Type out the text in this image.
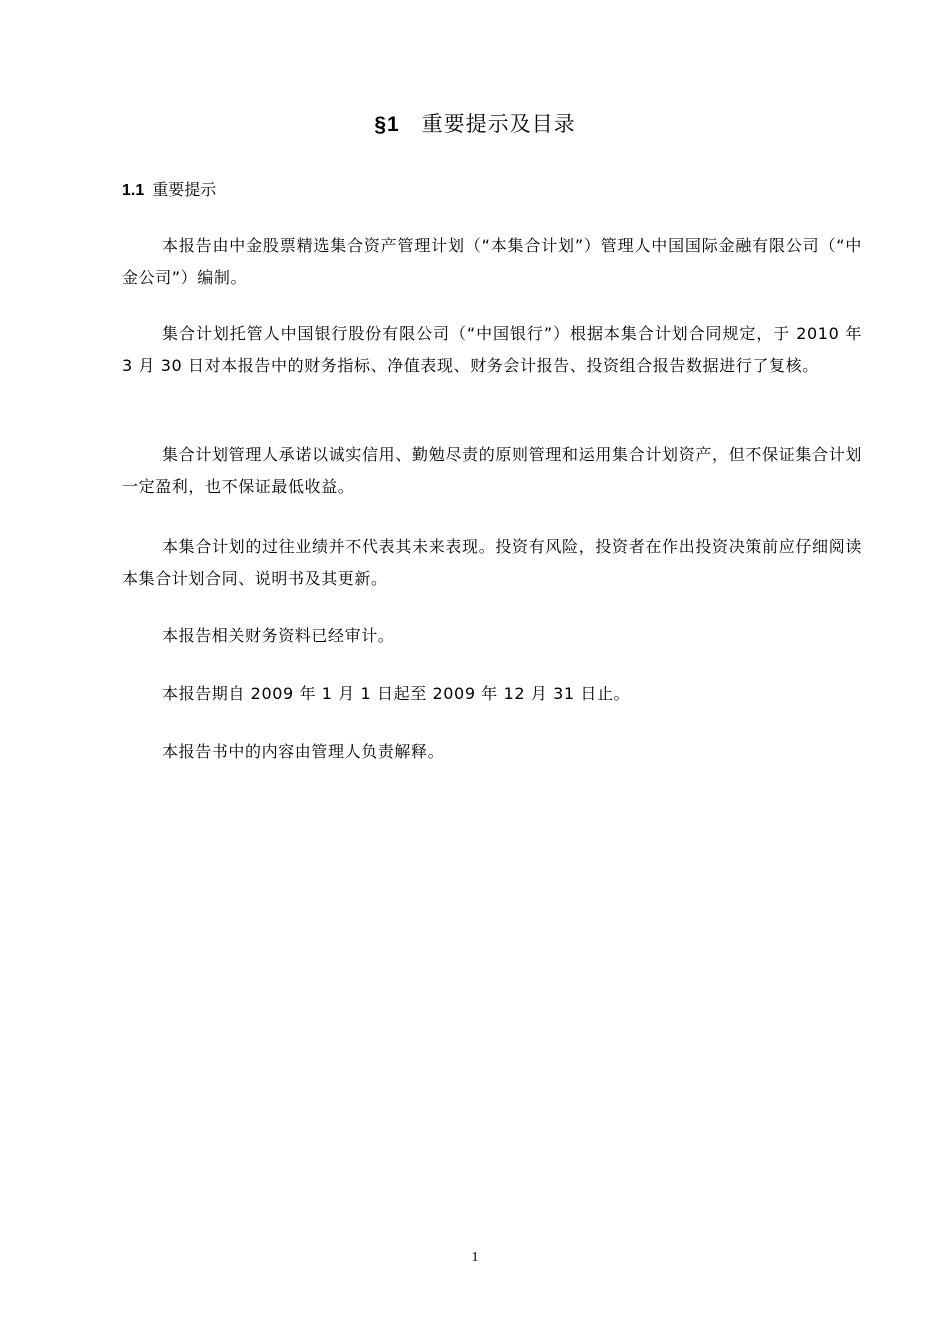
§1 重要提示及目录
1.1 重要提示

本报告由中金股票精选集合资产管理计划（“本集合计划”）管理人中国国际金融有限公司（“中金公司”）编制。

集合计划托管人中国银行股份有限公司（“中国银行”）根据本集合计划合同规定，于 2010 年 3 月 30 日对本报告中的财务指标、净值表现、财务会计报告、投资组合报告数据进行了复核。

集合计划管理人承诺以诚实信用、勤勉尽责的原则管理和运用集合计划资产，但不保证集合计划一定盈利，也不保证最低收益。

本集合计划的过往业绩并不代表其未来表现。投资有风险，投资者在作出投资决策前应仔细阅读本集合计划合同、说明书及其更新。

本报告相关财务资料已经审计。

本报告期自 2009 年 1 月 1 日起至 2009 年 12 月 31 日止。

本报告书中的内容由管理人负责解释。

1
